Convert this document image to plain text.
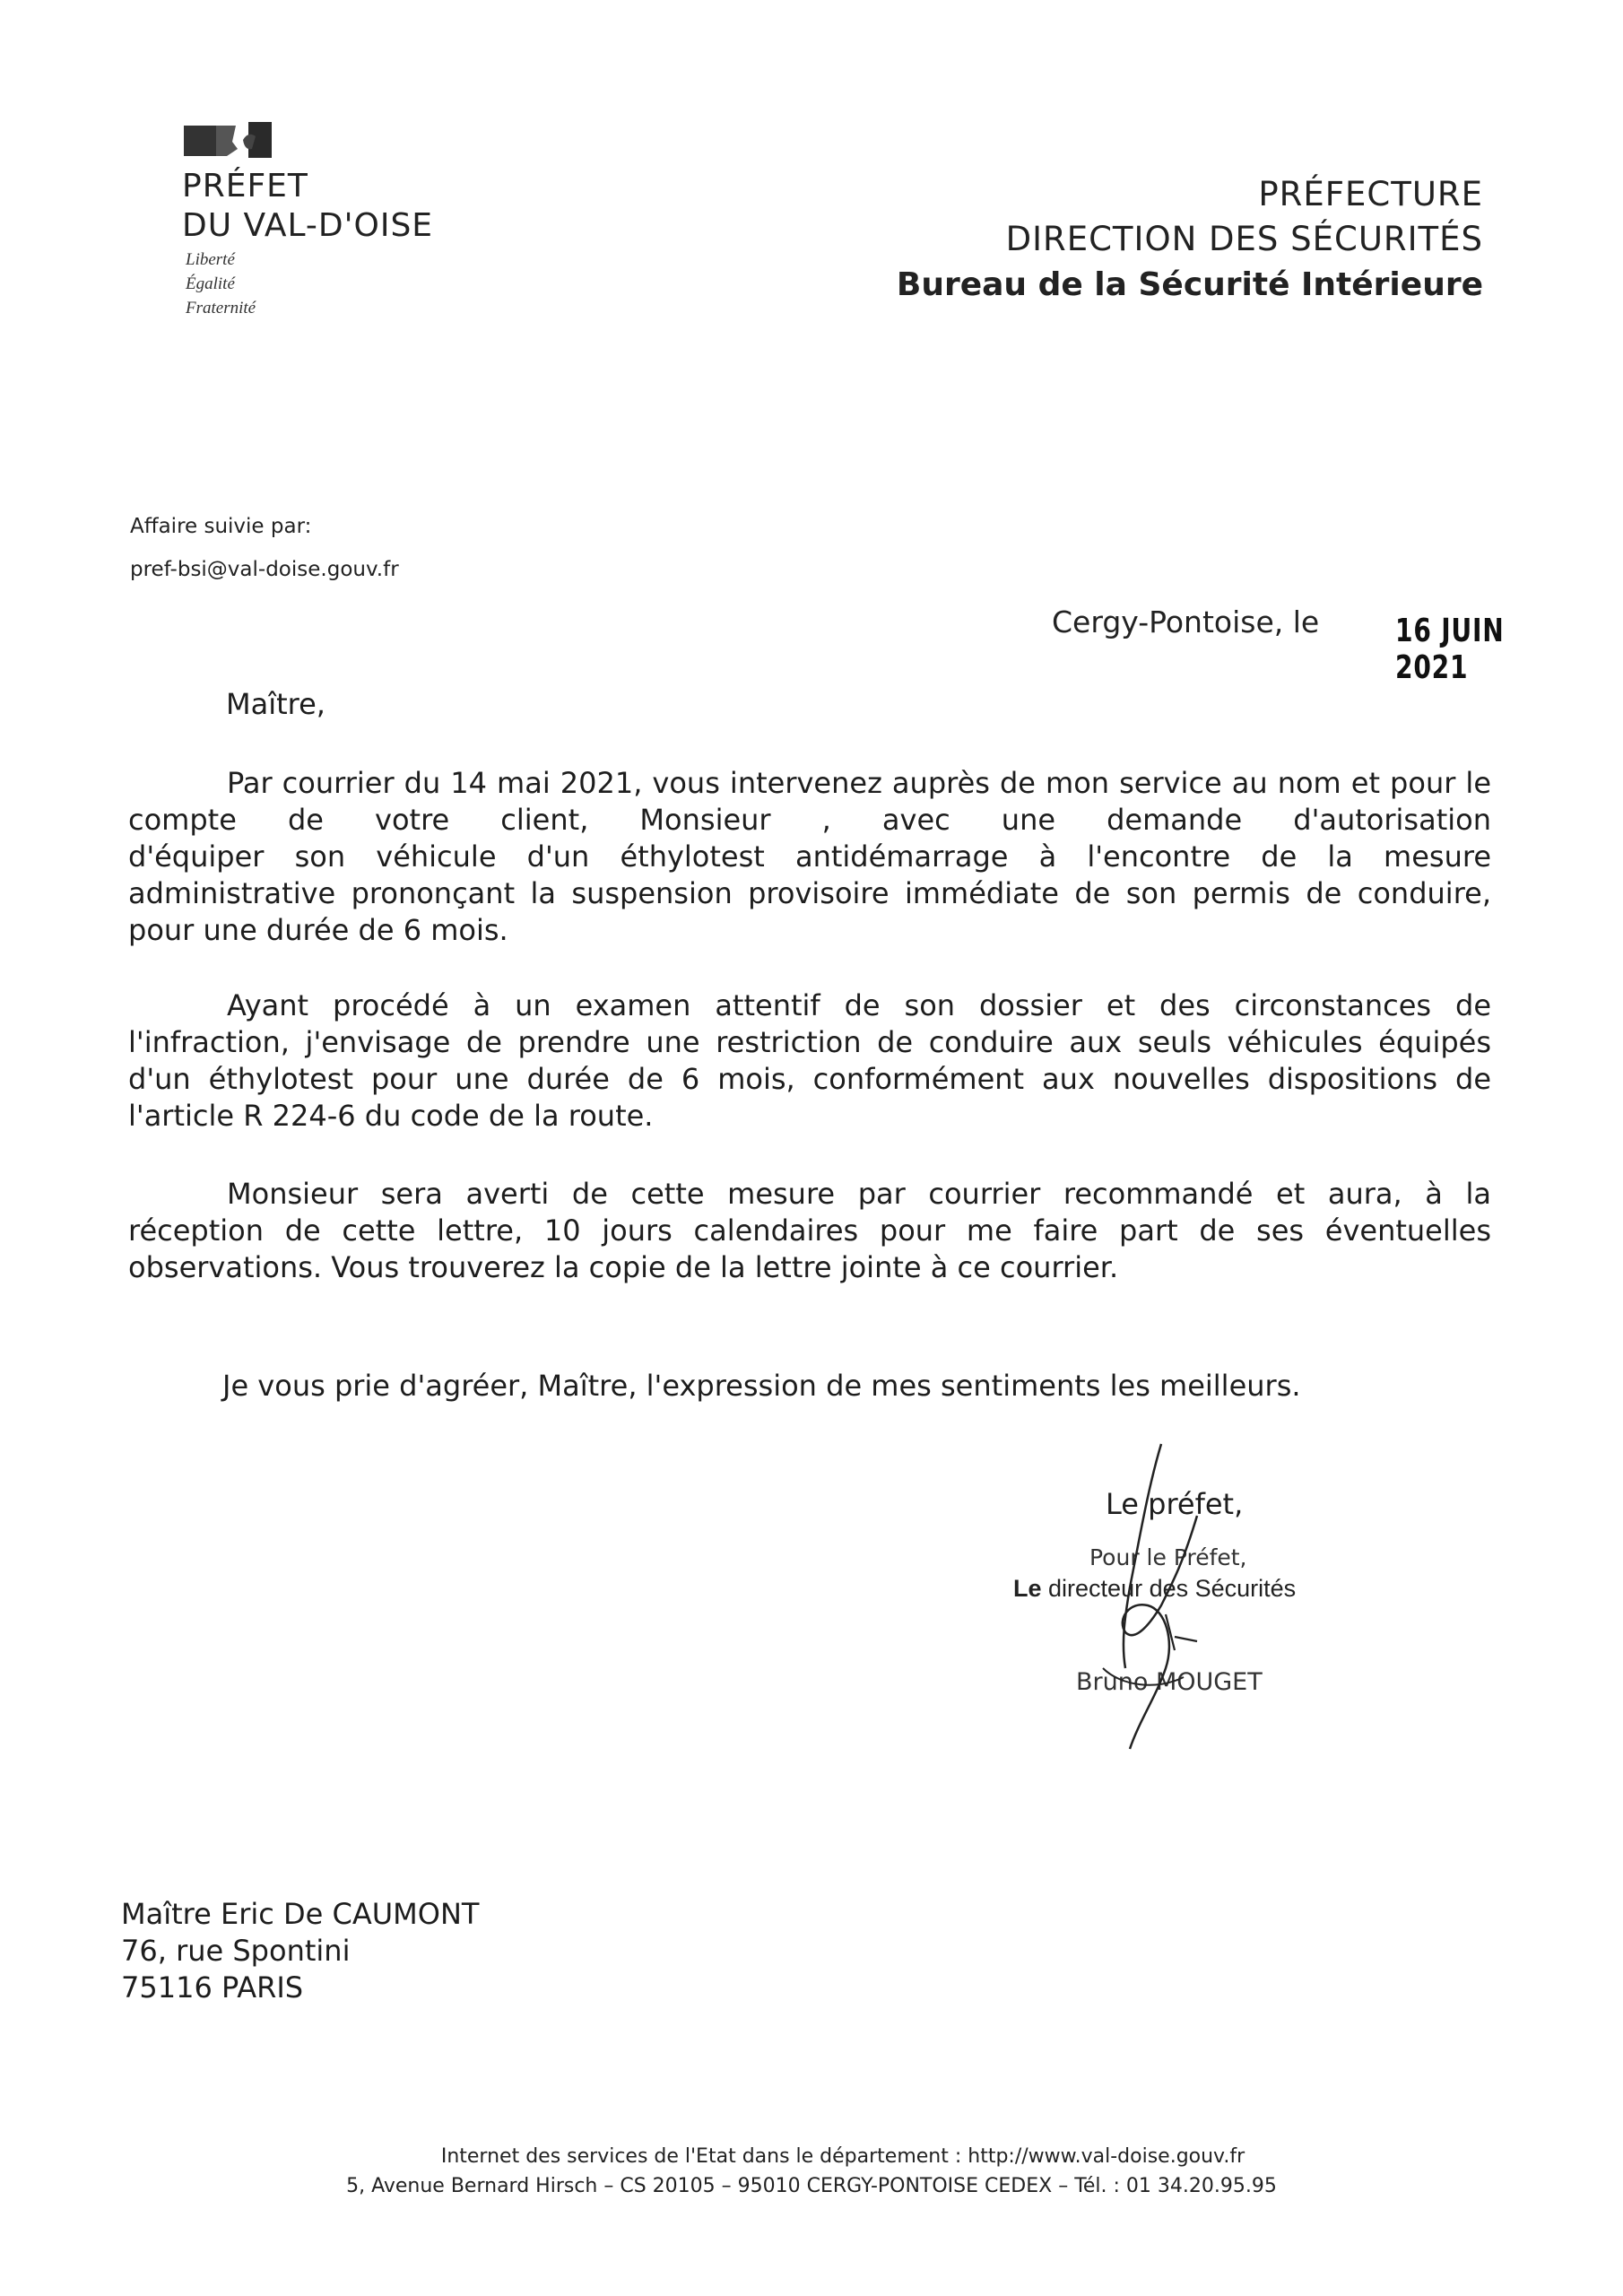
PRÉFET
DU VAL-D'OISE
Liberté
Égalité
Fraternité
PRÉFECTURE
DIRECTION DES SÉCURITÉS
Bureau de la Sécurité Intérieure
Affaire suivie par:
pref-bsi@val-doise.gouv.fr
Cergy-Pontoise, le 16 JUIN 2021
Maître,
Par courrier du 14 mai 2021, vous intervenez auprès de mon service au nom et pour le
compte de votre client, Monsieur , avec une demande d'autorisation
d'équiper son véhicule d'un éthylotest antidémarrage à l'encontre de la mesure
administrative prononçant la suspension provisoire immédiate de son permis de conduire,
pour une durée de 6 mois.
Ayant procédé à un examen attentif de son dossier et des circonstances de
l'infraction, j'envisage de prendre une restriction de conduire aux seuls véhicules équipés
d'un éthylotest pour une durée de 6 mois, conformément aux nouvelles dispositions de
l'article R 224-6 du code de la route.
Monsieur sera averti de cette mesure par courrier recommandé et aura, à la
réception de cette lettre, 10 jours calendaires pour me faire part de ses éventuelles
observations. Vous trouverez la copie de la lettre jointe à ce courrier.
Je vous prie d'agréer, Maître, l'expression de mes sentiments les meilleurs.
Le préfet,
Pour le Préfet,
Le directeur des Sécurités
Bruno MOUGET
Maître Eric De CAUMONT
76, rue Spontini
75116 PARIS
Internet des services de l'Etat dans le département : http://www.val-doise.gouv.fr
5, Avenue Bernard Hirsch – CS 20105 – 95010 CERGY-PONTOISE CEDEX – Tél. : 01 34.20.95.95
